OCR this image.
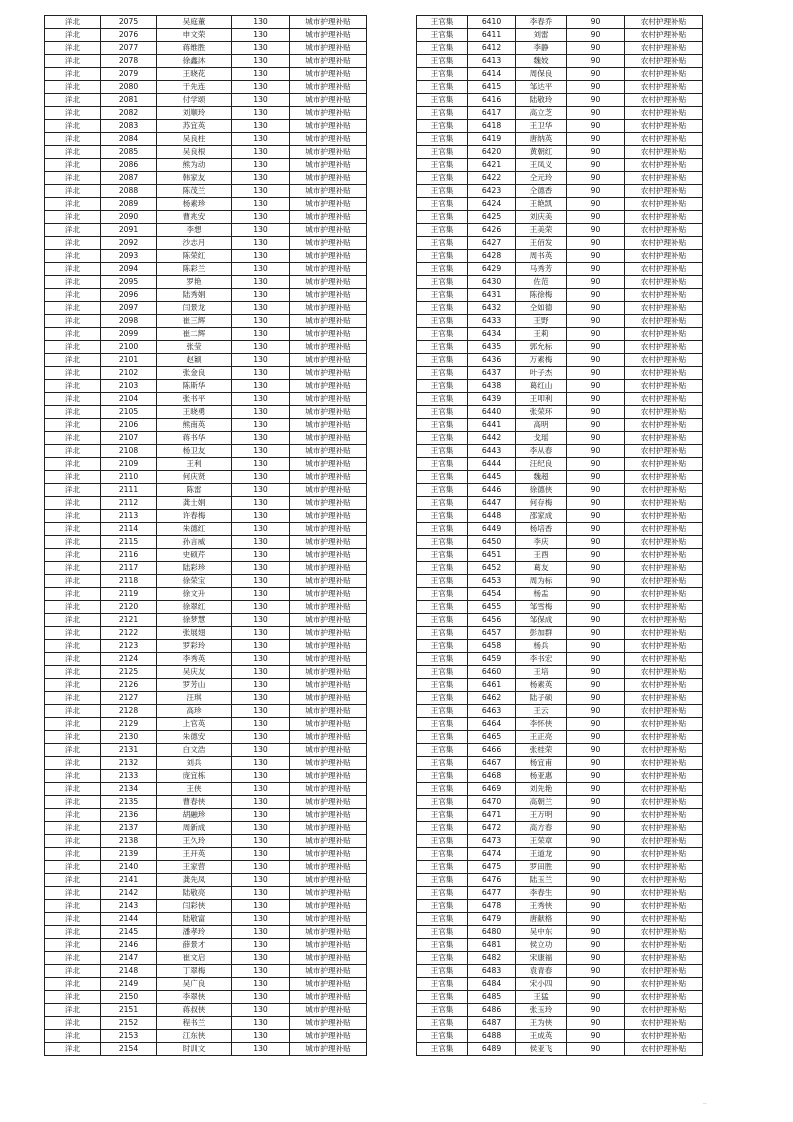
洋北	2075	吴庭董	130	城市护理补贴
洋北	2076	申文荣	130	城市护理补贴
洋北	2077	蒋维胜	130	城市护理补贴
洋北	2078	徐鑫沐	130	城市护理补贴
洋北	2079	王晓花	130	城市护理补贴
洋北	2080	于先连	130	城市护理补贴
洋北	2081	付学颂	130	城市护理补贴
洋北	2082	刘顺玲	130	城市护理补贴
洋北	2083	苏宜英	130	城市护理补贴
洋北	2084	吴良柱	130	城市护理补贴
洋北	2085	吴良根	130	城市护理补贴
洋北	2086	熊为动	130	城市护理补贴
洋北	2087	韩家友	130	城市护理补贴
洋北	2088	陈茂兰	130	城市护理补贴
洋北	2089	杨素珍	130	城市护理补贴
洋北	2090	曹兆安	130	城市护理补贴
洋北	2091	李想	130	城市护理补贴
洋北	2092	沙志月	130	城市护理补贴
洋北	2093	陈荣红	130	城市护理补贴
洋北	2094	陈彩兰	130	城市护理补贴
洋北	2095	罗艳	130	城市护理补贴
洋北	2096	陆秀娟	130	城市护理补贴
洋北	2097	闫景龙	130	城市护理补贴
洋北	2098	崔三辉	130	城市护理补贴
洋北	2099	崔二辉	130	城市护理补贴
洋北	2100	张莹	130	城市护理补贴
洋北	2101	赵颖	130	城市护理补贴
洋北	2102	张金良	130	城市护理补贴
洋北	2103	陈斯华	130	城市护理补贴
洋北	2104	张书平	130	城市护理补贴
洋北	2105	王晓勇	130	城市护理补贴
洋北	2106	熊南英	130	城市护理补贴
洋北	2107	蒋书华	130	城市护理补贴
洋北	2108	杨卫友	130	城市护理补贴
洋北	2109	王利	130	城市护理补贴
洋北	2110	何庆贤	130	城市护理补贴
洋北	2111	陈雷	130	城市护理补贴
洋北	2112	龚士娟	130	城市护理补贴
洋北	2113	许春梅	130	城市护理补贴
洋北	2114	朱德红	130	城市护理补贴
洋北	2115	孙言威	130	城市护理补贴
洋北	2116	史硕芹	130	城市护理补贴
洋北	2117	陆彩珍	130	城市护理补贴
洋北	2118	徐荣宝	130	城市护理补贴
洋北	2119	徐文升	130	城市护理补贴
洋北	2120	徐翠红	130	城市护理补贴
洋北	2121	徐梦慧	130	城市护理补贴
洋北	2122	张展翅	130	城市护理补贴
洋北	2123	罗彩玲	130	城市护理补贴
洋北	2124	李秀英	130	城市护理补贴
洋北	2125	吴庆友	130	城市护理补贴
洋北	2126	罗芳山	130	城市护理补贴
洋北	2127	汪琪	130	城市护理补贴
洋北	2128	高珍	130	城市护理补贴
洋北	2129	上官英	130	城市护理补贴
洋北	2130	朱德安	130	城市护理补贴
洋北	2131	白文浩	130	城市护理补贴
洋北	2132	刘兵	130	城市护理补贴
洋北	2133	庞宜栋	130	城市护理补贴
洋北	2134	王侠	130	城市护理补贴
洋北	2135	曹春侠	130	城市护理补贴
洋北	2136	胡融珍	130	城市护理补贴
洋北	2137	周新成	130	城市护理补贴
洋北	2138	王久玲	130	城市护理补贴
洋北	2139	王开英	130	城市护理补贴
洋北	2140	王家营	130	城市护理补贴
洋北	2141	龚先凤	130	城市护理补贴
洋北	2142	陆敬亮	130	城市护理补贴
洋北	2143	闫彩侠	130	城市护理补贴
洋北	2144	陆敬富	130	城市护理补贴
洋北	2145	潘孝玲	130	城市护理补贴
洋北	2146	薛景才	130	城市护理补贴
洋北	2147	崔文启	130	城市护理补贴
洋北	2148	丁翠梅	130	城市护理补贴
洋北	2149	吴广良	130	城市护理补贴
洋北	2150	李翠侠	130	城市护理补贴
洋北	2151	蒋叔侠	130	城市护理补贴
洋北	2152	程书兰	130	城市护理补贴
洋北	2153	江东侠	130	城市护理补贴
洋北	2154	时训文	130	城市护理补贴
王官集	6410	李春乔	90	农村护理补贴
王官集	6411	刘雷	90	农村护理补贴
王官集	6412	李静	90	农村护理补贴
王官集	6413	魏姣	90	农村护理补贴
王官集	6414	周保良	90	农村护理补贴
王官集	6415	邹达平	90	农村护理补贴
王官集	6416	陆敬玲	90	农村护理补贴
王官集	6417	高立芝	90	农村护理补贴
王官集	6418	王卫华	90	农村护理补贴
王官集	6419	唐纳英	90	农村护理补贴
王官集	6420	黄朝红	90	农村护理补贴
王官集	6421	王凤义	90	农村护理补贴
王官集	6422	仝元玲	90	农村护理补贴
王官集	6423	仝德香	90	农村护理补贴
王官集	6424	王艳凯	90	农村护理补贴
王官集	6425	刘庆美	90	农村护理补贴
王官集	6426	王美荣	90	农村护理补贴
王官集	6427	王佰发	90	农村护理补贴
王官集	6428	周书英	90	农村护理补贴
王官集	6429	马秀芳	90	农村护理补贴
王官集	6430	佐范	90	农村护理补贴
王官集	6431	陈徐梅	90	农村护理补贴
王官集	6432	仝如德	90	农村护理补贴
王官集	6433	王野	90	农村护理补贴
王官集	6434	王莉	90	农村护理补贴
王官集	6435	郭允标	90	农村护理补贴
王官集	6436	万素梅	90	农村护理补贴
王官集	6437	叶子杰	90	农村护理补贴
王官集	6438	葛红山	90	农村护理补贴
王官集	6439	王叩利	90	农村护理补贴
王官集	6440	张荣环	90	农村护理补贴
王官集	6441	高明	90	农村护理补贴
王官集	6442	戈瑶	90	农村护理补贴
王官集	6443	李从春	90	农村护理补贴
王官集	6444	汪纪良	90	农村护理补贴
王官集	6445	魏超	90	农村护理补贴
王官集	6446	徐德侠	90	农村护理补贴
王官集	6447	何存梅	90	农村护理补贴
王官集	6448	邵家成	90	农村护理补贴
王官集	6449	杨培香	90	农村护理补贴
王官集	6450	李庆	90	农村护理补贴
王官集	6451	王酉	90	农村护理补贴
王官集	6452	葛友	90	农村护理补贴
王官集	6453	周为标	90	农村护理补贴
王官集	6454	杨盂	90	农村护理补贴
王官集	6455	邹雪梅	90	农村护理补贴
王官集	6456	邹保成	90	农村护理补贴
王官集	6457	彭加群	90	农村护理补贴
王官集	6458	杨兵	90	农村护理补贴
王官集	6459	李书宏	90	农村护理补贴
王官集	6460	王培	90	农村护理补贴
王官集	6461	杨素英	90	农村护理补贴
王官集	6462	陆子硕	90	农村护理补贴
王官集	6463	王云	90	农村护理补贴
王官集	6464	李怀侠	90	农村护理补贴
王官集	6465	王正亮	90	农村护理补贴
王官集	6466	张桂荣	90	农村护理补贴
王官集	6467	杨宜甫	90	农村护理补贴
王官集	6468	杨亚惠	90	农村护理补贴
王官集	6469	刘先艳	90	农村护理补贴
王官集	6470	高朝兰	90	农村护理补贴
王官集	6471	王万明	90	农村护理补贴
王官集	6472	高方春	90	农村护理补贴
王官集	6473	王荣章	90	农村护理补贴
王官集	6474	王道龙	90	农村护理补贴
王官集	6475	罗田胜	90	农村护理补贴
王官集	6476	陆玉兰	90	农村护理补贴
王官集	6477	李春生	90	农村护理补贴
王官集	6478	王秀侠	90	农村护理补贴
王官集	6479	唐献格	90	农村护理补贴
王官集	6480	吴中东	90	农村护理补贴
王官集	6481	侯立功	90	农村护理补贴
王官集	6482	宋康福	90	农村护理补贴
王官集	6483	袁青春	90	农村护理补贴
王官集	6484	宋小四	90	农村护理补贴
王官集	6485	王猛	90	农村护理补贴
王官集	6486	张玉玲	90	农村护理补贴
王官集	6487	王为侠	90	农村护理补贴
王官集	6488	王成英	90	农村护理补贴
王官集	6489	侯亚飞	90	农村护理补贴
..
